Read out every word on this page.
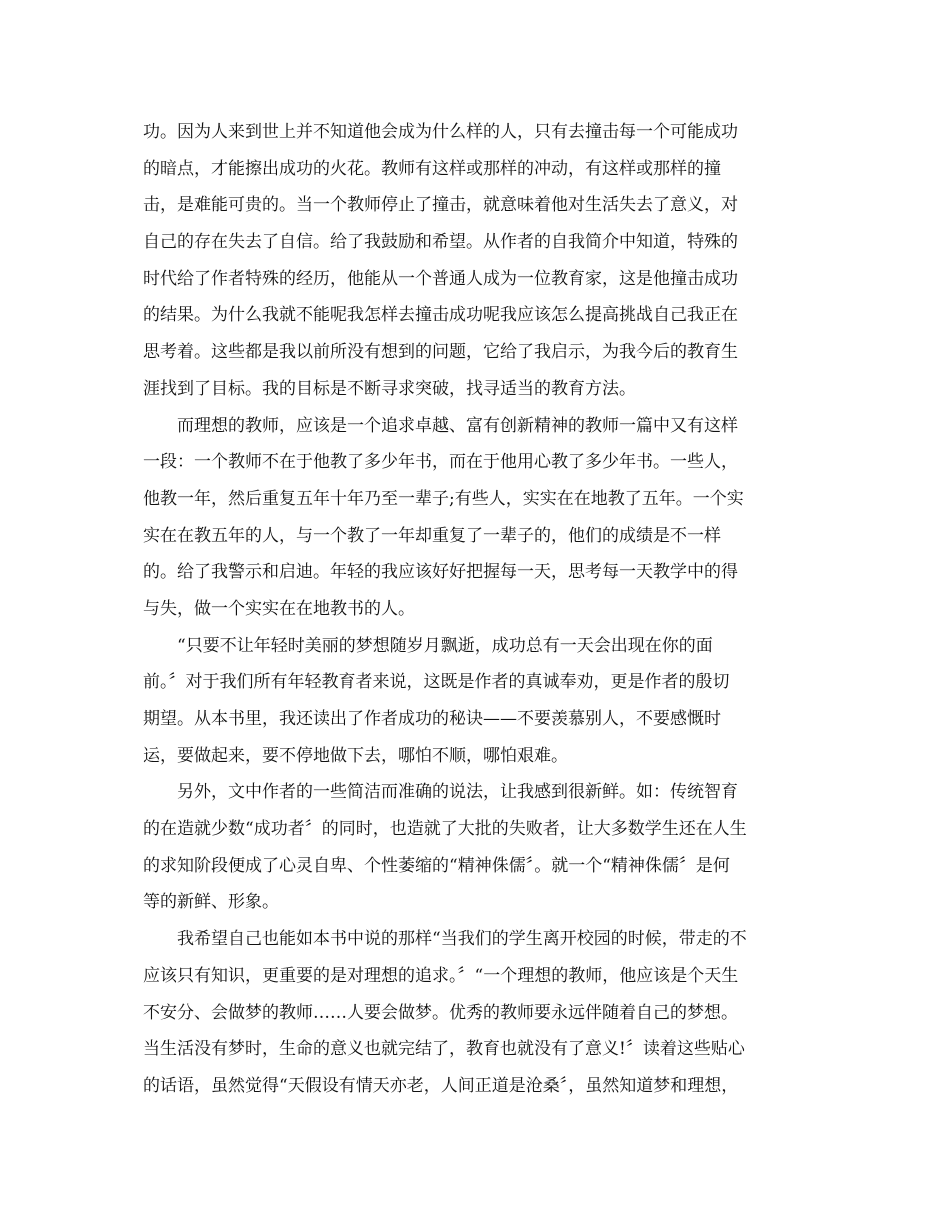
功。因为人来到世上并不知道他会成为什么样的人，只有去撞击每一个可能成功
的暗点，才能擦出成功的火花。教师有这样或那样的冲动，有这样或那样的撞
击，是难能可贵的。当一个教师停止了撞击，就意味着他对生活失去了意义，对
自己的存在失去了自信。给了我鼓励和希望。从作者的自我简介中知道，特殊的
时代给了作者特殊的经历，他能从一个普通人成为一位教育家，这是他撞击成功
的结果。为什么我就不能呢我怎样去撞击成功呢我应该怎么提高挑战自己我正在
思考着。这些都是我以前所没有想到的问题，它给了我启示，为我今后的教育生
涯找到了目标。我的目标是不断寻求突破，找寻适当的教育方法。
而理想的教师，应该是一个追求卓越、富有创新精神的教师一篇中又有这样
一段：一个教师不在于他教了多少年书，而在于他用心教了多少年书。一些人，
他教一年，然后重复五年十年乃至一辈子;有些人，实实在在地教了五年。一个实
实在在教五年的人，与一个教了一年却重复了一辈子的，他们的成绩是不一样
的。给了我警示和启迪。年轻的我应该好好把握每一天，思考每一天教学中的得
与失，做一个实实在在地教书的人。
“只要不让年轻时美丽的梦想随岁月飘逝，成功总有一天会出现在你的面
前。〞对于我们所有年轻教育者来说，这既是作者的真诚奉劝，更是作者的殷切
期望。从本书里，我还读出了作者成功的秘诀——不要羡慕别人，不要感慨时
运，要做起来，要不停地做下去，哪怕不顺，哪怕艰难。
另外，文中作者的一些简洁而准确的说法，让我感到很新鲜。如：传统智育
的在造就少数“成功者〞的同时，也造就了大批的失败者，让大多数学生还在人生
的求知阶段便成了心灵自卑、个性萎缩的“精神侏儒〞。就一个“精神侏儒〞是何
等的新鲜、形象。
我希望自己也能如本书中说的那样“当我们的学生离开校园的时候，带走的不
应该只有知识，更重要的是对理想的追求。〞“一个理想的教师，他应该是个天生
不安分、会做梦的教师……人要会做梦。优秀的教师要永远伴随着自己的梦想。
当生活没有梦时，生命的意义也就完结了，教育也就没有了意义!〞读着这些贴心
的话语，虽然觉得“天假设有情天亦老，人间正道是沧桑〞，虽然知道梦和理想，
